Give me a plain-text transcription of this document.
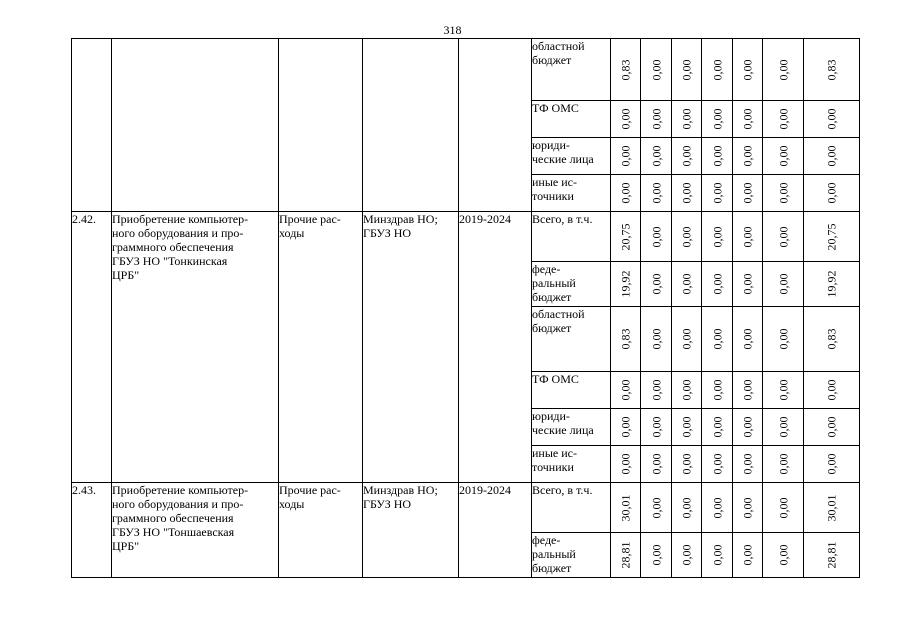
318
					областной бюджет	0,83	0,00	0,00	0,00	0,00	0,00	0,83
					ТФ ОМС	0,00	0,00	0,00	0,00	0,00	0,00	0,00
					юриди-
ческие лица	0,00	0,00	0,00	0,00	0,00	0,00	0,00
					иные ис-
точники	0,00	0,00	0,00	0,00	0,00	0,00	0,00
2.42.	Приобретение компьютер-
ного оборудования и про-
граммного обеспечения
ГБУЗ НО "Тонкинская
ЦРБ"	Прочие рас-
ходы	Минздрав НО;
ГБУЗ НО	2019-2024	Всего, в т.ч.	20,75	0,00	0,00	0,00	0,00	0,00	20,75
					феде-
ральный
бюджет	19,92	0,00	0,00	0,00	0,00	0,00	19,92
					областной
бюджет	0,83	0,00	0,00	0,00	0,00	0,00	0,83
					ТФ ОМС	0,00	0,00	0,00	0,00	0,00	0,00	0,00
					юриди-
ческие лица	0,00	0,00	0,00	0,00	0,00	0,00	0,00
					иные ис-
точники	0,00	0,00	0,00	0,00	0,00	0,00	0,00
2.43.	Приобретение компьютер-
ного оборудования и про-
граммного обеспечения
ГБУЗ НО "Тоншаевская
ЦРБ"	Прочие рас-
ходы	Минздрав НО;
ГБУЗ НО	2019-2024	Всего, в т.ч.	30,01	0,00	0,00	0,00	0,00	0,00	30,01
					феде-
ральный
бюджет	28,81	0,00	0,00	0,00	0,00	0,00	28,81
